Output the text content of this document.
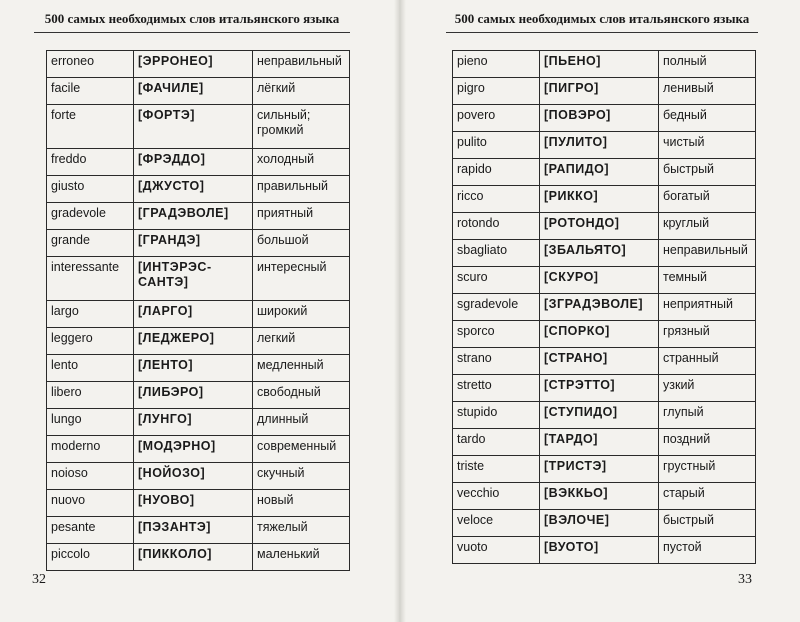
500 самых необходимых слов итальянского языка
erroneo	[ЭРРОНЕО]	неправильный
facile	[ФАЧИЛЕ]	лёгкий
forte	[ФОРТЭ]	сильный; громкий
freddo	[ФРЭДДО]	холодный
giusto	[ДЖУСТО]	правильный
gradevole	[ГРАДЭВОЛЕ]	приятный
grande	[ГРАНДЭ]	большой
interessante	[ИНТЭРЭС-САНТЭ]	интересный
largo	[ЛАРГО]	широкий
leggero	[ЛЕДЖЕРО]	легкий
lento	[ЛЕНТО]	медленный
libero	[ЛИБЭРО]	свободный
lungo	[ЛУНГО]	длинный
moderno	[МОДЭРНО]	современный
noioso	[НОЙОЗО]	скучный
nuovo	[НУОВО]	новый
pesante	[ПЭЗАНТЭ]	тяжелый
piccolo	[ПИККОЛО]	маленький
32
500 самых необходимых слов итальянского языка
pieno	[ПЬЕНО]	полный
pigro	[ПИГРО]	ленивый
povero	[ПОВЭРО]	бедный
pulito	[ПУЛИТО]	чистый
rapido	[РАПИДО]	быстрый
ricco	[РИККО]	богатый
rotondo	[РОТОНДО]	круглый
sbagliato	[ЗБАЛЬЯТО]	неправильный
scuro	[СКУРО]	темный
sgradevole	[ЗГРАДЭВОЛЕ]	неприятный
sporco	[СПОРКО]	грязный
strano	[СТРАНО]	странный
stretto	[СТРЭТТО]	узкий
stupido	[СТУПИДО]	глупый
tardo	[ТАРДО]	поздний
triste	[ТРИСТЭ]	грустный
vecchio	[ВЭККЬО]	старый
veloce	[ВЭЛОЧЕ]	быстрый
vuoto	[ВУОТО]	пустой
33
